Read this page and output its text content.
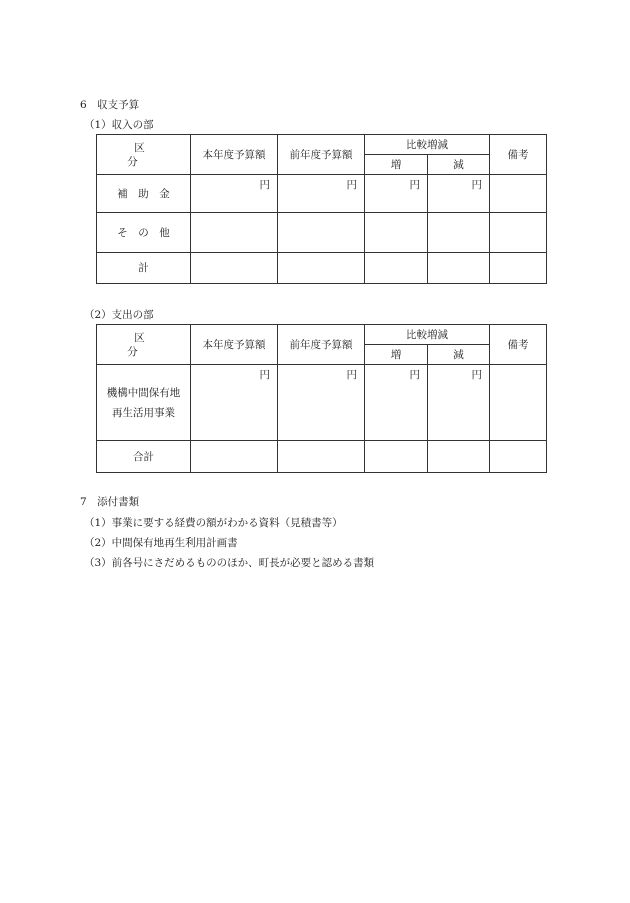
6　収支予算
（1）収入の部
区　　分	本年度予算額	前年度予算額	比較増減		備考
			増	減	
補　助　金	円	円	円	円	
そ　の　他					
計					
（2）支出の部
区　　分	本年度予算額	前年度予算額	比較増減		備考
			増	減	

機構中間保有地
再生活用事業	円	円	円	円	
合計					
7　添付書類
（1）事業に要する経費の額がわかる資料（見積書等）
（2）中間保有地再生利用計画書
（3）前各号にさだめるもののほか、町長が必要と認める書類
